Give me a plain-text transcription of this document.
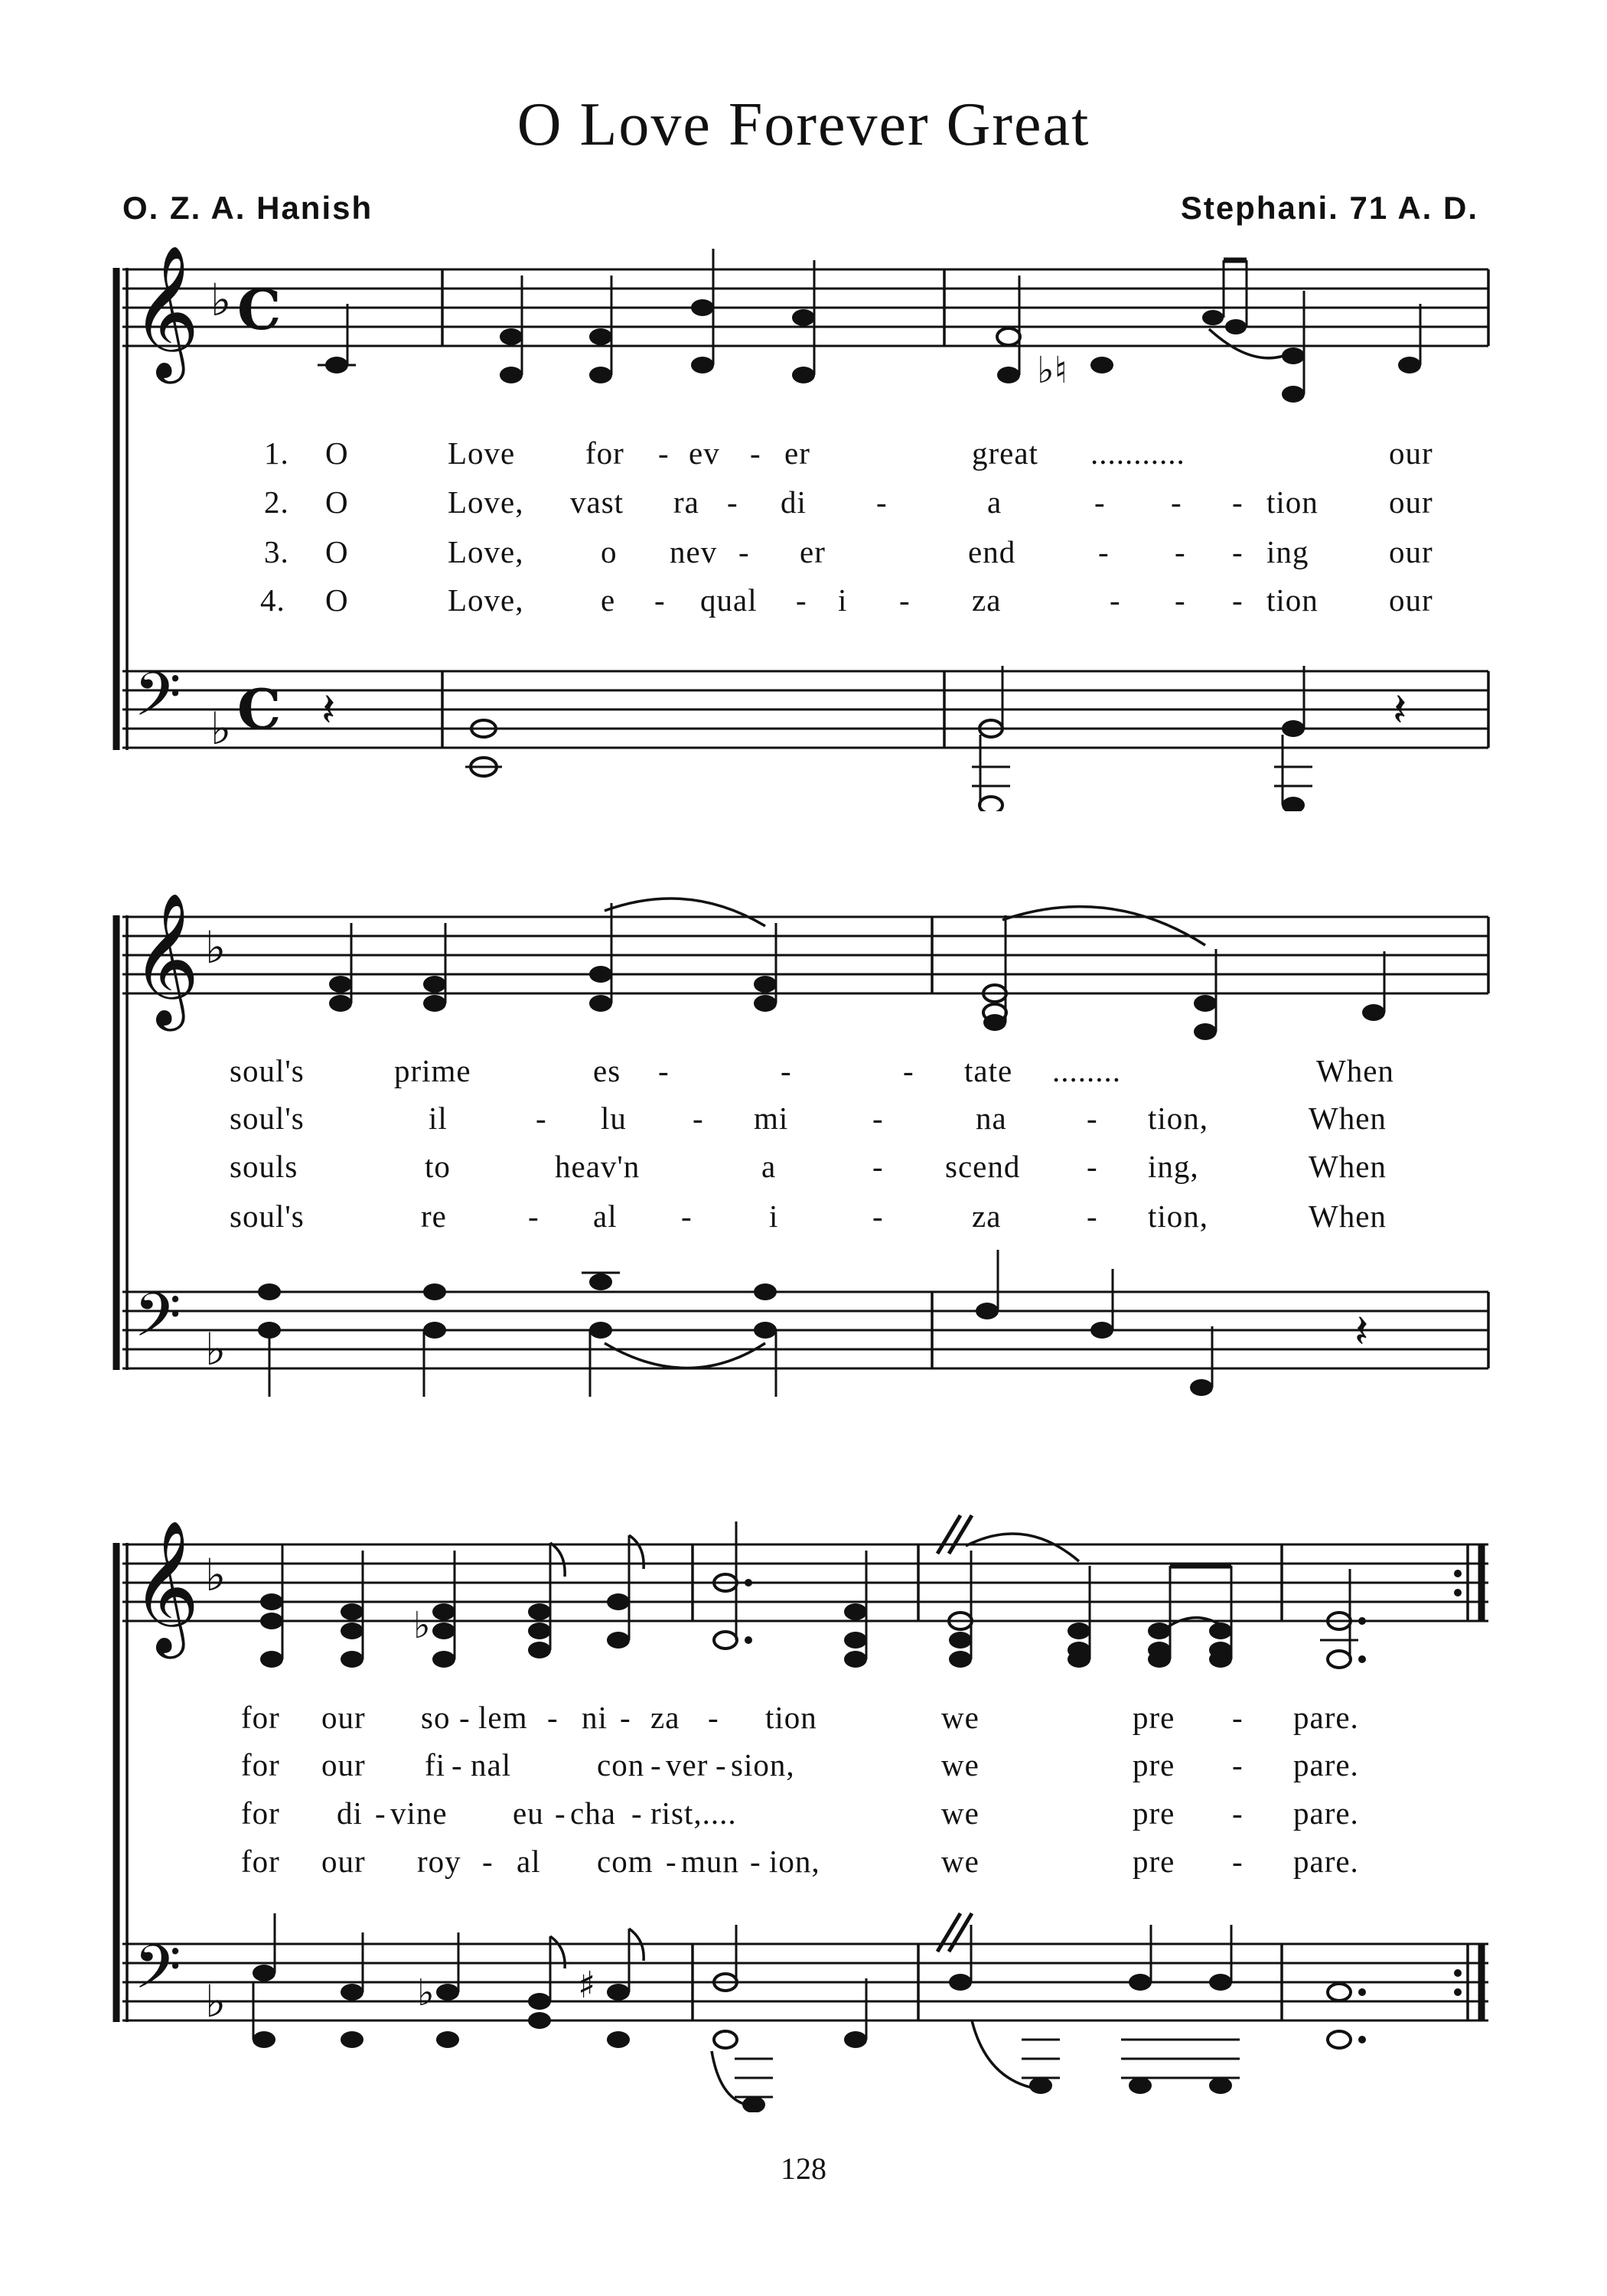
O Love Forever Great
O. Z. A. Hanish	Stephani. 71 A. D.
𝄞 ♭ C
𝄢 ♭ C
♭♮
𝄽	𝄽
1. O	Love for - ev - er	great ...........	our
2. O	Love, vast ra - di -	a	- - - tion our
3. O	Love, o nev - er	end	- - - ing	our
4. O	Love, e - qual - i - za	- - - tion our
𝄞 ♭
𝄢 ♭	𝄽
soul's	prime	es -	-	- tate ........	When
soul's	il	- lu - mi	-	na	- tion,	When
souls	to	heav'n	a	- scend - ing,	When
soul's	re	- al - i	-	za	- tion,	When
𝄞 ♭
𝄢 ♭
♭
♭	♯
for our so - lem - ni - za - tion	we	pre - pare.
for our fi - nal	con - ver - sion,	we	pre - pare.
for di - vine eu - cha - rist,....	we	pre - pare.
for our roy - al com - mun - ion,	we	pre - pare.
128
